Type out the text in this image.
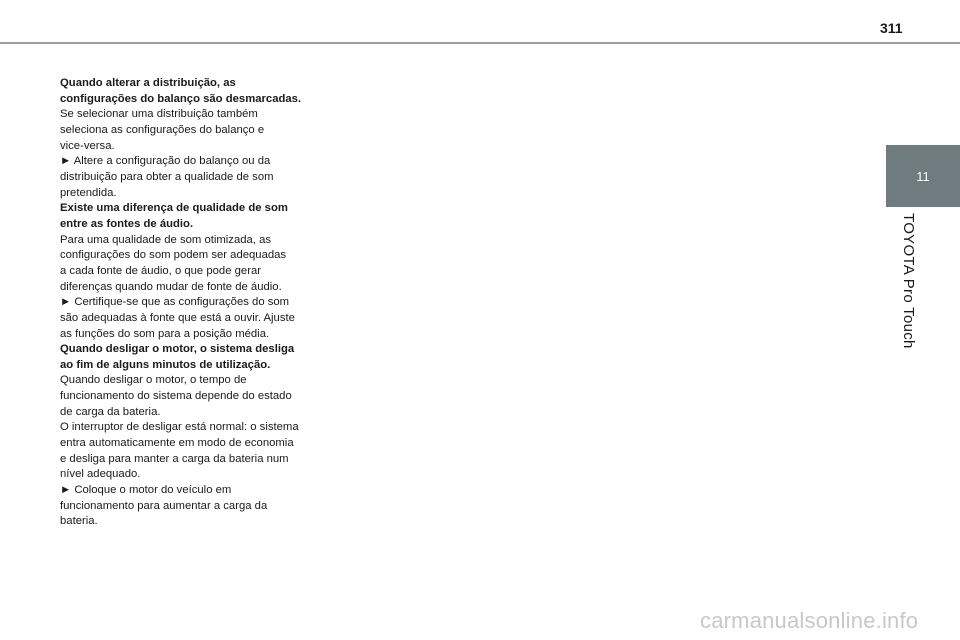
311
11
TOYOTA Pro Touch

Quando alterar a distribuição, as

configurações do balanço são desmarcadas.

Se selecionar uma distribuição também

seleciona as configurações do balanço e

vice-versa.

► Altere a configuração do balanço ou da

distribuição para obter a qualidade de som

pretendida.

Existe uma diferença de qualidade de som

entre as fontes de áudio.

Para uma qualidade de som otimizada, as

configurações do som podem ser adequadas

a cada fonte de áudio, o que pode gerar

diferenças quando mudar de fonte de áudio.

► Certifique-se que as configurações do som

são adequadas à fonte que está a ouvir. Ajuste

as funções do som para a posição média.

Quando desligar o motor, o sistema desliga

ao fim de alguns minutos de utilização.

Quando desligar o motor, o tempo de

funcionamento do sistema depende do estado

de carga da bateria.

O interruptor de desligar está normal: o sistema

entra automaticamente em modo de economia

e desliga para manter a carga da bateria num

nível adequado.

► Coloque o motor do veículo em

funcionamento para aumentar a carga da

bateria.

carmanualsonline.info
